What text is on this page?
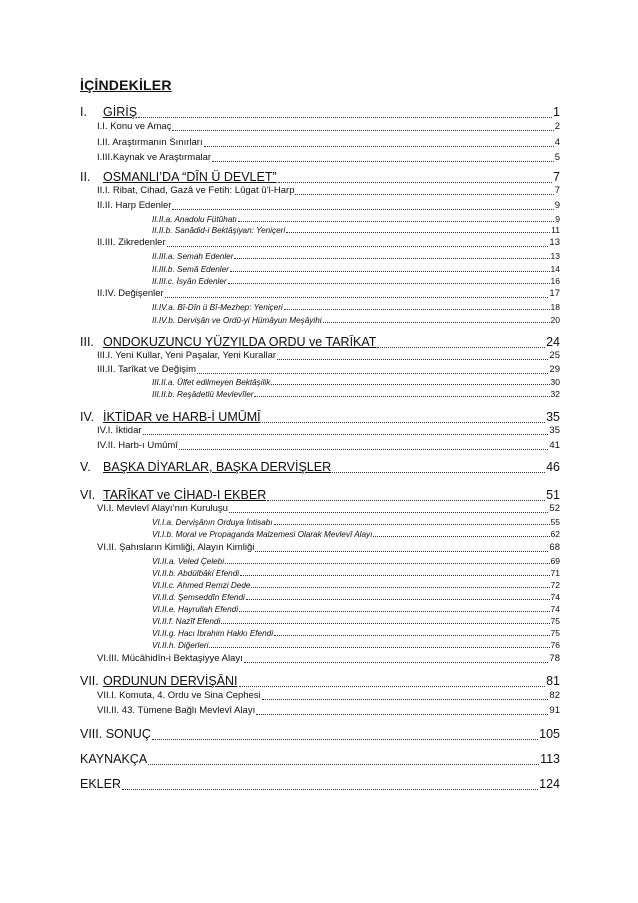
İÇİNDEKİLER
I.	GİRİŞ	1
I.I. Konu ve Amaç	2
I.II. Araştırmanın Sınırları	4
I.III.Kaynak ve Araştırmalar	5
II.	OSMANLI’DA “DÎN Ü DEVLET”	7
II.I. Ribat, Cihad, Gazâ ve Fetih: Lûgat û’l-Harp	7
II.II. Harp Edenler	9
II.II.a. Anadolu Fütûhatı	9
II.II.b. Sanâdid-i Bektâşiyan: Yeniçeri	11
II.III. Zikredenler	13
II.III.a. Semah Edenler	13
II.III.b. Semâ Edenler	14
II.III.c. İsyân Edenler	16
II.IV. Değişenler	17
II.IV.a. Bî-Dîn ü Bî-Mezhep: Yeniçeri	18
II.IV.b. Dervişân ve Ordû-yi Hümâyun Meşâyihi	20
III. ONDOKUZUNCU YÜZYILDA ORDU ve TARÎKAT	24
III.I. Yeni Kullar, Yeni Paşalar, Yeni Kurallar	25
III.II. Tarîkat ve Değişim	29
III.II.a. Ülfet edilmeyen Bektâşilik	30
III.II.b. Reşâdetlü Mevlevîler	32
IV. İKTİDAR ve HARB-İ UMÛMÎ	35
IV.I. İktidar	35
IV.II. Harb-ı Umûmî	41
V. BAŞKA DİYARLAR, BAŞKA DERVİŞLER	46
VI. TARÎKAT ve CİHAD-I EKBER	51
VI.I. Mevlevî Alayı’nın Kuruluşu	52
VI.I.a. Dervişânın Orduya İntisabı	55
VI.I.b. Moral ve Propaganda Malzemesi Olarak Mevlevî Alayı	62
VI.II. Şahısların Kimliği, Alayın Kimliği	68
VI.II.a. Veled Çelebi	69
VI.II.b. Abdülbâki Efendi	71
VI.II.c. Ahmed Remzi Dede	72
VI.II.d. Şemseddîn Efendi	74
VI.II.e. Hayrullah Efendi	74
VI.II.f. Nazîf Efendi	75
VI.II.g. Hacı İbrahim Hakkı Efendi	75
VI.II.h. Diğerleri	76
VI.III. Mücâhidîn-i Bektaşiyye Alayı	78
VII. ORDUNUN DERVİŞÂNI	81
VII.I. Komuta, 4. Ordu ve Sina Cephesi	82
VII.II. 43. Tümene Bağlı Mevlevî Alayı	91
VIII. SONUÇ	105
KAYNAKÇA	113
EKLER	124
